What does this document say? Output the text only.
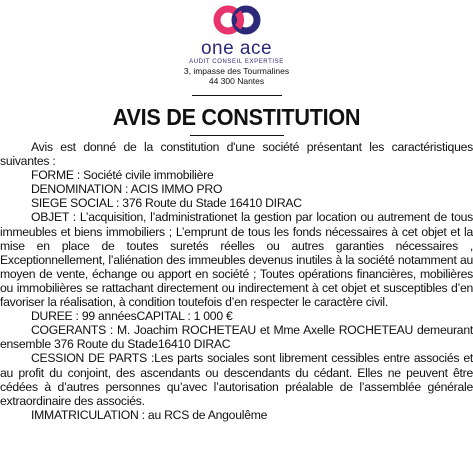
one ace
AUDIT CONSEIL EXPERTISE
3, impasse des Tourmalines
44 300 Nantes
AVIS DE CONSTITUTION

Avis est donné de la constitution d'une société présentant les caractéristiques suivantes :

FORME : Société civile immobilière

DENOMINATION : ACIS IMMO PRO

SIEGE SOCIAL : 376 Route du Stade 16410 DIRAC

OBJET : L’acquisition, l’administrationet la gestion par location ou autrement de tous immeubles et biens immobiliers ; L’emprunt de tous les fonds nécessaires à cet objet et la mise en place de toutes suretés réelles ou autres garanties nécessaires , Exceptionnellement, l’aliénation des immeubles devenus inutiles à la société notamment au moyen de vente, échange ou apport en société ; Toutes opérations financières, mobilières ou immobilières se rattachant directement ou indirectement à cet objet et susceptibles d’en favoriser la réalisation, à condition toutefois d’en respecter le caractère civil.

DUREE : 99 annéesCAPITAL : 1 000 €

COGERANTS : M. Joachim ROCHETEAU et Mme Axelle ROCHETEAU demeurant ensemble 376 Route du Stade16410 DIRAC

CESSION DE PARTS :Les parts sociales sont librement cessibles entre associés et au profit du conjoint, des ascendants ou descendants du cédant. Elles ne peuvent être cédées à d’autres personnes qu’avec l’autorisation préalable de l’assemblée générale extraordinaire des associés.

IMMATRICULATION : au RCS de Angoulême
